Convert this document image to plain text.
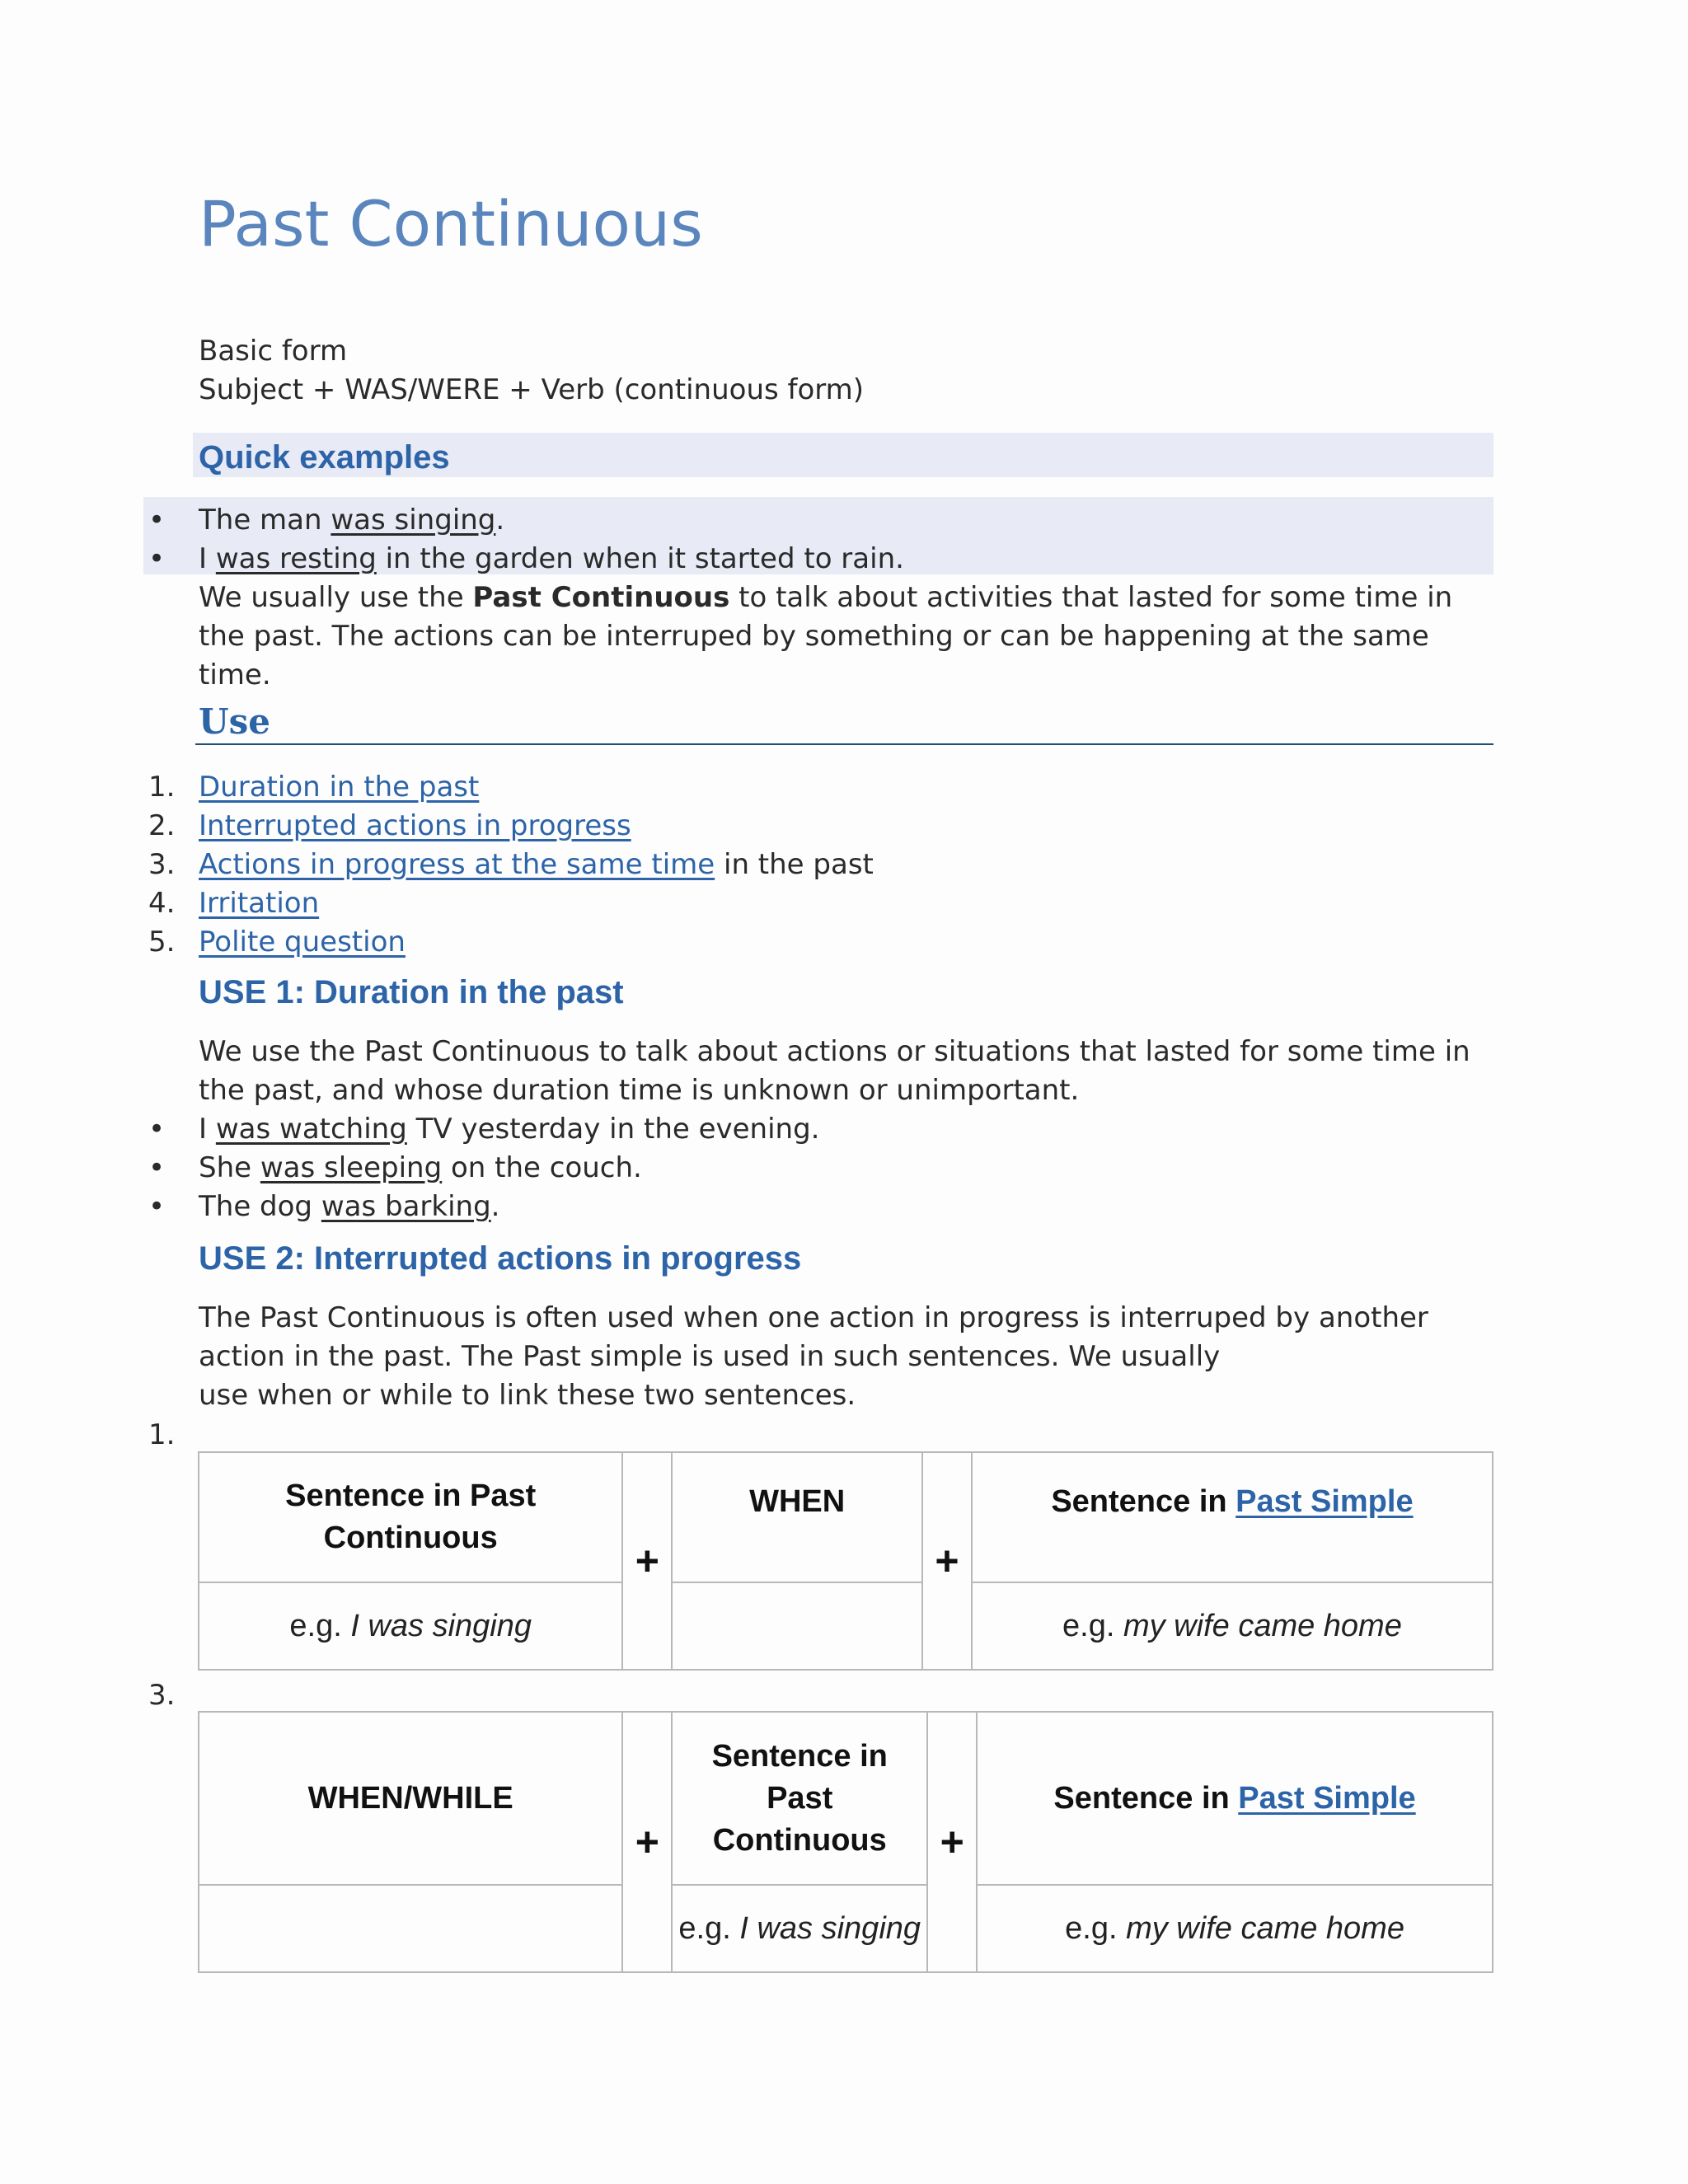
Past Continuous
Basic form
Subject + WAS/WERE + Verb (continuous form)
Quick examples
• The man was singing.
• I was resting in the garden when it started to rain.
We usually use the Past Continuous to talk about activities that lasted for some time in
the past. The actions can be interruped by something or can be happening at the same
time.
Use
1. Duration in the past
2. Interrupted actions in progress
3. Actions in progress at the same time in the past
4. Irritation
5. Polite question
USE 1: Duration in the past
We use the Past Continuous to talk about actions or situations that lasted for some time in
the past, and whose duration time is unknown or unimportant.
• I was watching TV yesterday in the evening.
• She was sleeping on the couch.
• The dog was barking.
USE 2: Interrupted actions in progress
The Past Continuous is often used when one action in progress is interruped by another
action in the past. The Past simple is used in such sentences. We usually
use when or while to link these two sentences.
1.
Sentence in Past
Continuous	+	WHEN	+	Sentence in Past Simple
e.g. I was singing				e.g. my wife came home
3.
WHEN/WHILE	+	Sentence in
Past
Continuous	+	Sentence in Past Simple
		e.g. I was singing		e.g. my wife came home
